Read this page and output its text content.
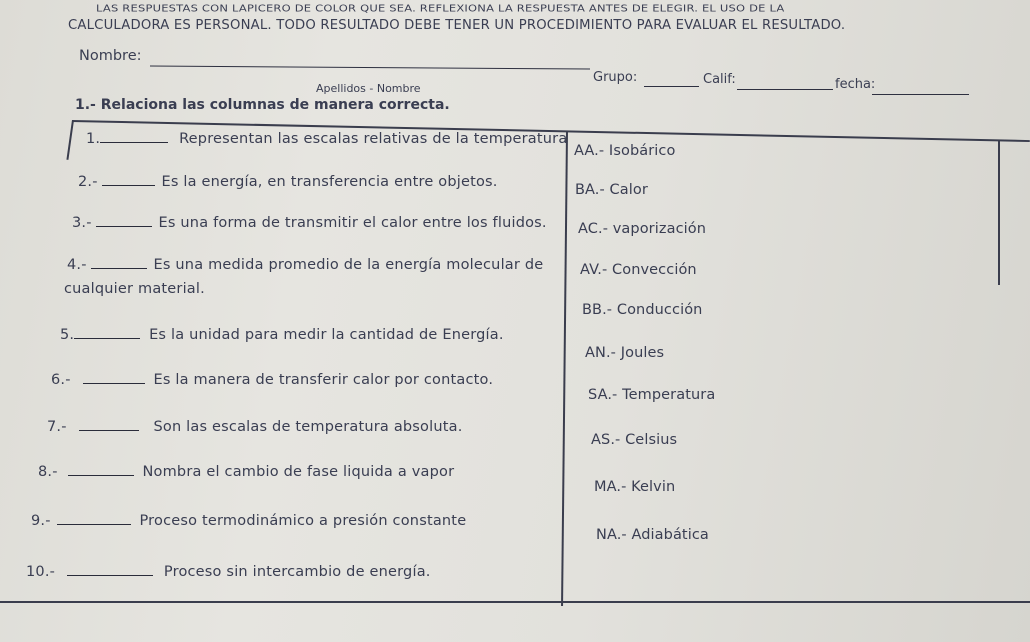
LAS RESPUESTAS CON LAPICERO DE COLOR QUE SEA. REFLEXIONA LA RESPUESTA ANTES DE ELEGIR. EL USO DE LA
CALCULADORA ES PERSONAL. TODO RESULTADO DEBE TENER UN PROCEDIMIENTO PARA EVALUAR EL RESULTADO.
Nombre:
Apellidos - Nombre
Grupo:	Calif:	fecha:
1.- Relaciona las columnas de manera correcta.
1.	Representan las escalas relativas de la temperatura
2.-	Es la energía, en transferencia entre objetos.
3.-	Es una forma de transmitir el calor entre los fluidos.
4.-	Es una medida promedio de la energía molecular de
cualquier material.
5.	Es la unidad para medir la cantidad de Energía.
6.-	Es la manera de transferir calor por contacto.
7.-	Son las escalas de temperatura absoluta.
8.-	Nombra el cambio de fase liquida a vapor
9.-	Proceso termodinámico a presión constante
10.-	Proceso sin intercambio de energía.
AA.- Isobárico
BA.- Calor
AC.- vaporización
AV.- Convección
BB.- Conducción
AN.- Joules
SA.- Temperatura
AS.- Celsius
MA.- Kelvin
NA.- Adiabática
